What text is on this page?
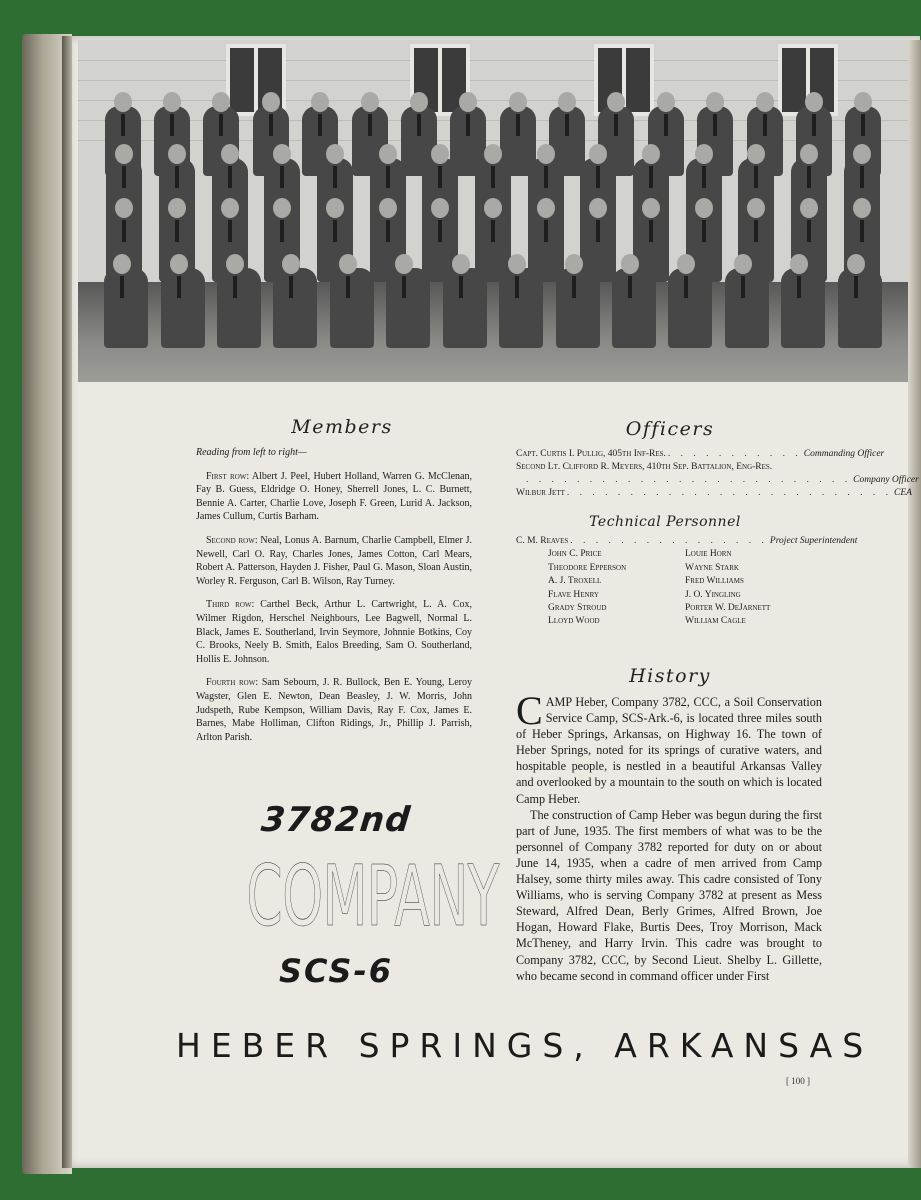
Members

Reading from left to right—

First row: Albert J. Peel, Hubert Holland, Warren G. McClenan, Fay B. Guess, Eldridge O. Honey, Sherrell Jones, L. C. Burnett, Bennie A. Carter, Charlie Love, Joseph F. Green, Lurid A. Jackson, James Cullum, Curtis Barham.

Second row: Neal, Lonus A. Barnum, Charlie Campbell, Elmer J. Newell, Carl O. Ray, Charles Jones, James Cotton, Carl Mears, Robert A. Patterson, Hayden J. Fisher, Paul G. Mason, Sloan Austin, Worley R. Ferguson, Carl B. Wilson, Ray Turney.

Third row: Carthel Beck, Arthur L. Cartwright, L. A. Cox, Wilmer Rigdon, Herschel Neighbours, Lee Bagwell, Normal L. Black, James E. Southerland, Irvin Seymore, Johnnie Botkins, Coy C. Brooks, Neely B. Smith, Ealos Breeding, Sam O. Southerland, Hollis E. Johnson.

Fourth row: Sam Sebourn, J. R. Bullock, Ben E. Young, Leroy Wagster, Glen E. Newton, Dean Beasley, J. W. Morris, John Judspeth, Rube Kempson, William Davis, Ray F. Cox, James E. Barnes, Mabe Holliman, Clifton Ridings, Jr., Phillip J. Parrish, Arlton Parish.

Officers
Capt. Curtis I. Pullig, 405th Inf-Res. . . . . . . . . . . . Commanding Officer
Second Lt. Clifford R. Meyers, 410th Sep. Battalion, Eng-Res.
. . . . . . . . . . . . . . . . . . . . . . . . . . Company Officer
Wilbur Jett . . . . . . . . . . . . . . . . . . . . . . . . . . CEA
Technical Personnel
C. M. Reaves . . . . . . . . . . . . . . . . Project Superintendent
John C. Price
Theodore Epperson
A. J. Troxell
Flave Henry
Grady Stroud
Lloyd Wood
Louie Horn
Wayne Stark
Fred Williams
J. O. Yingling
Porter W. DeJarnett
William Cagle
History

CAMP Heber, Company 3782, CCC, a Soil Conservation Service Camp, SCS-Ark.-6, is located three miles south of Heber Springs, Arkansas, on Highway 16. The town of Heber Springs, noted for its springs of curative waters, and hospitable people, is nestled in a beautiful Arkansas Valley and overlooked by a mountain to the south on which is located Camp Heber.

The construction of Camp Heber was begun during the first part of June, 1935. The first members of what was to be the personnel of Company 3782 reported for duty on or about June 14, 1935, when a cadre of men arrived from Camp Halsey, some thirty miles away. This cadre consisted of Tony Williams, who is serving Company 3782 at present as Mess Steward, Alfred Dean, Berly Grimes, Alfred Brown, Joe Hogan, Howard Flake, Burtis Dees, Troy Morrison, Mack McTheney, and Harry Irvin. This cadre was brought to Company 3782, CCC, by Second Lieut. Shelby L. Gillette, who became second in command officer under First

3782nd
COMPANY
SCS-6
HEBER SPRINGS, ARKANSAS
[ 100 ]
